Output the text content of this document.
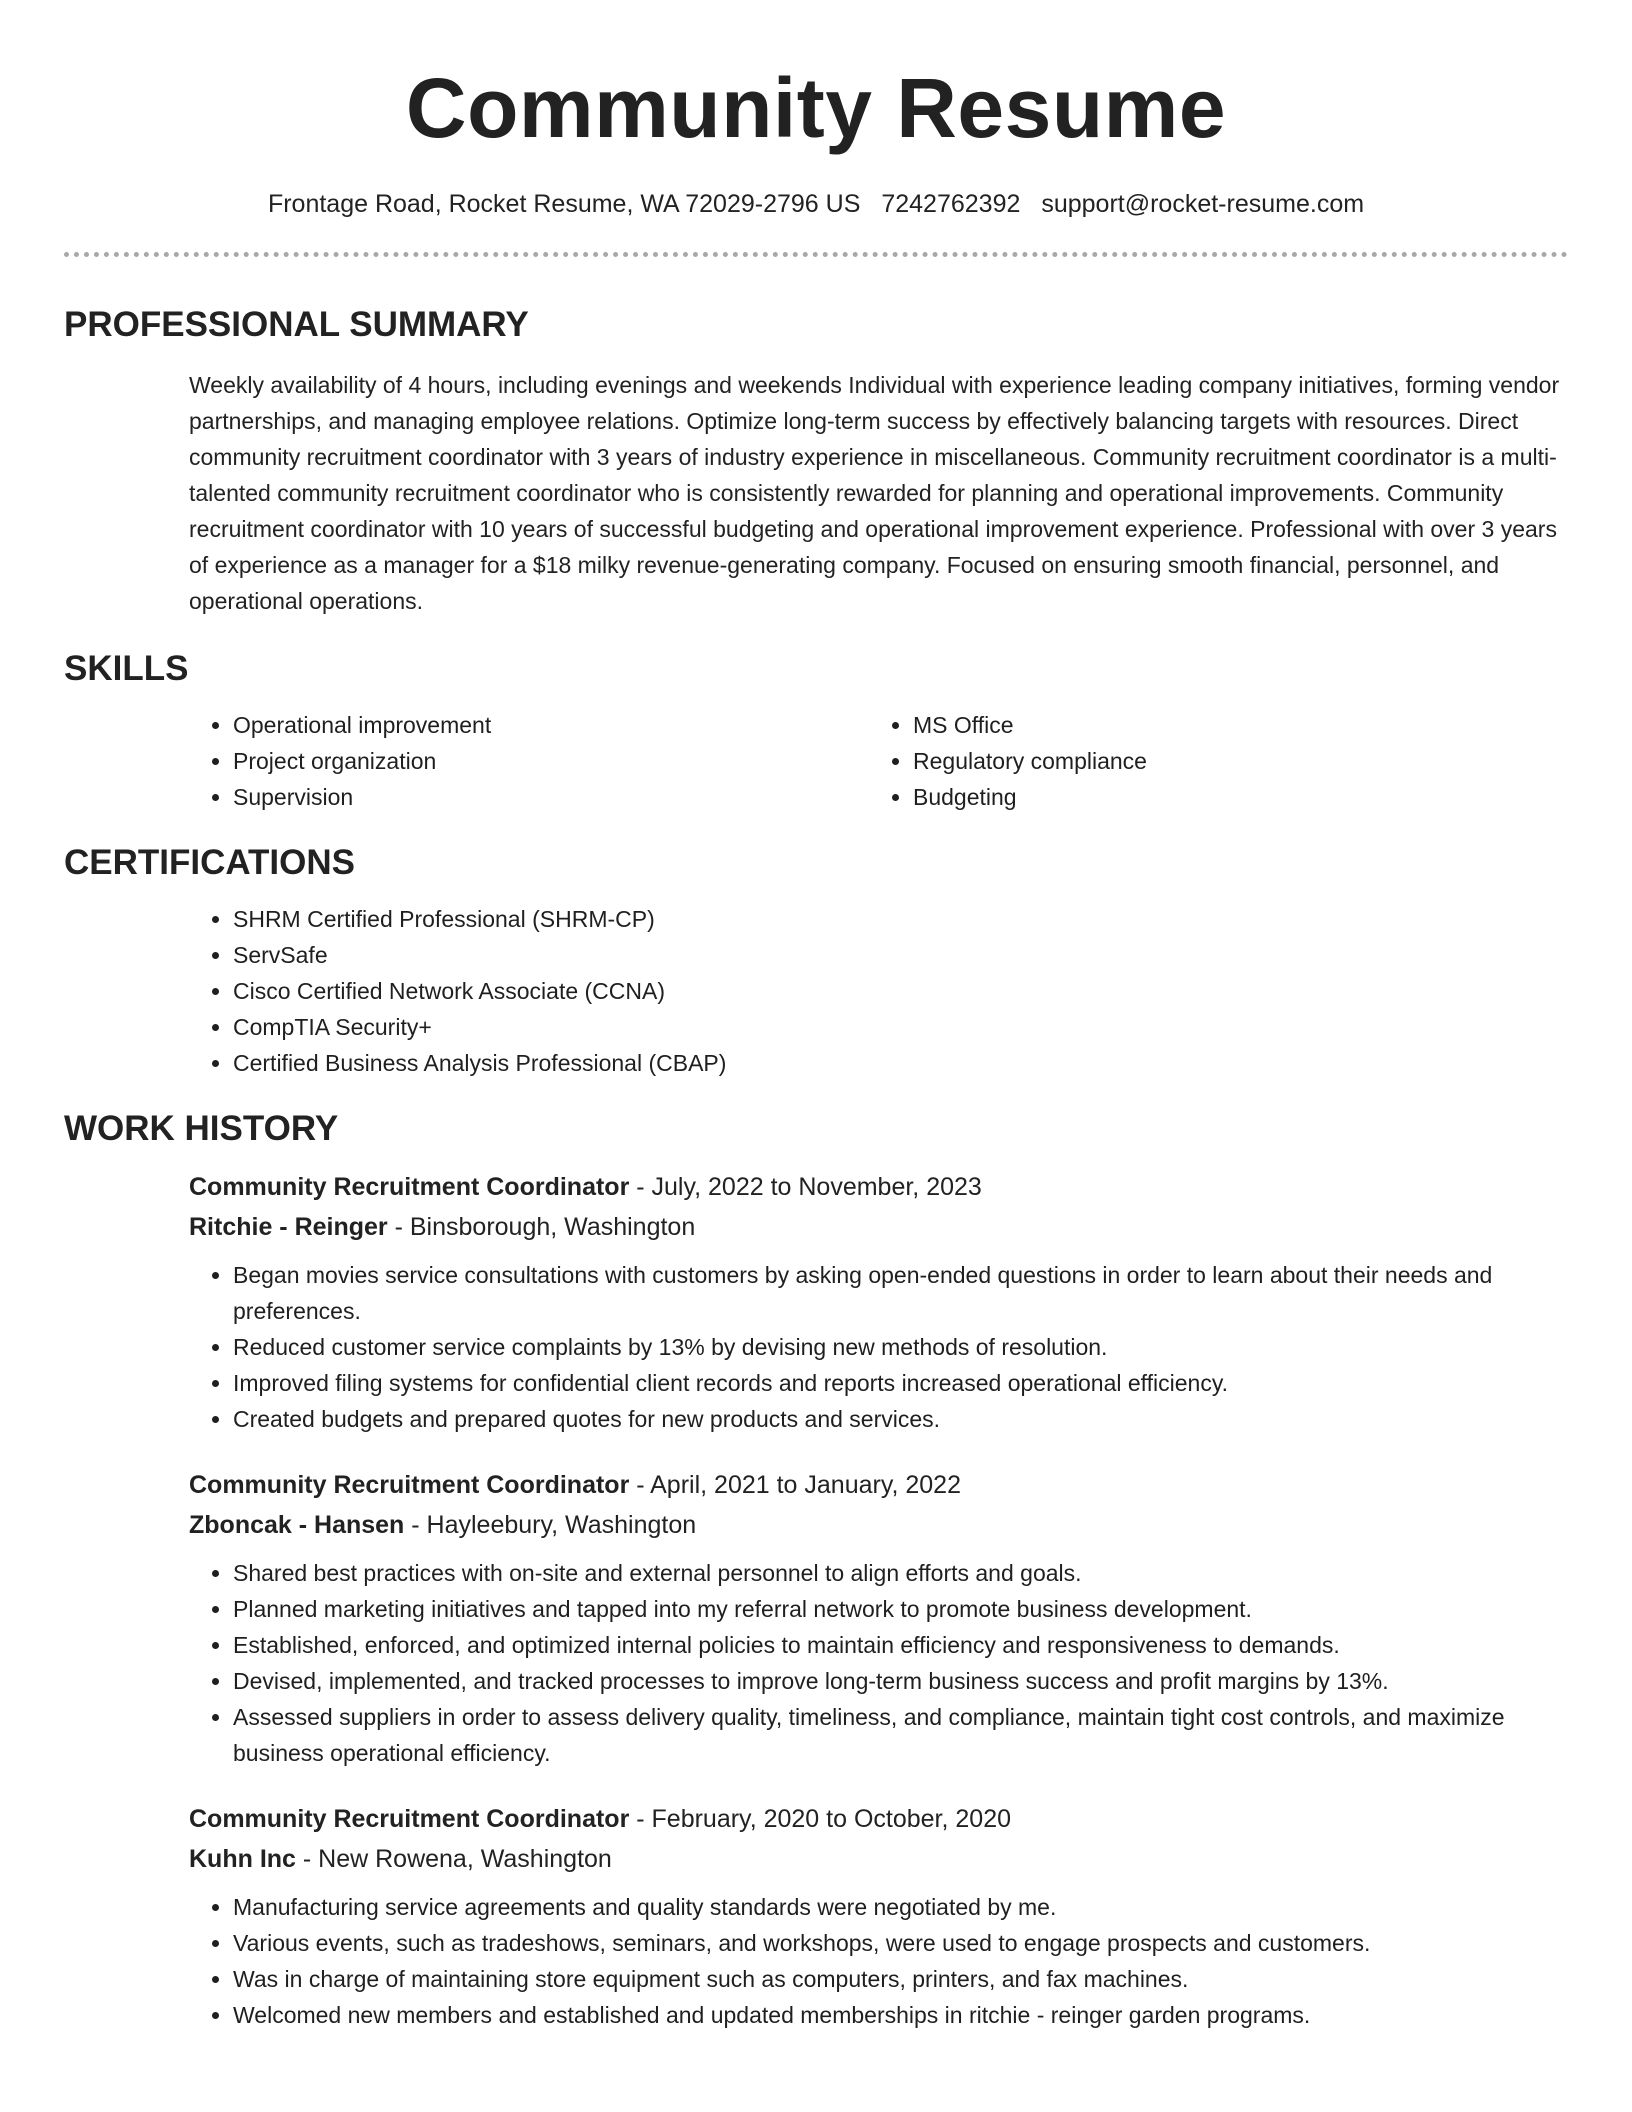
Community Resume
Frontage Road, Rocket Resume, WA 72029-2796 US 7242762392 support@rocket-resume.com
PROFESSIONAL SUMMARY
Weekly availability of 4 hours, including evenings and weekends Individual with experience leading company initiatives, forming vendor partnerships, and managing employee relations. Optimize long-term success by effectively balancing targets with resources. Direct community recruitment coordinator with 3 years of industry experience in miscellaneous. Community recruitment coordinator is a multi-talented community recruitment coordinator who is consistently rewarded for planning and operational improvements. Community recruitment coordinator with 10 years of successful budgeting and operational improvement experience. Professional with over 3 years of experience as a manager for a $18 milky revenue-generating company. Focused on ensuring smooth financial, personnel, and operational operations.
SKILLS
• Operational improvement
• Project organization
• Supervision
• MS Office
• Regulatory compliance
• Budgeting
CERTIFICATIONS
• SHRM Certified Professional (SHRM-CP)
• ServSafe
• Cisco Certified Network Associate (CCNA)
• CompTIA Security+
• Certified Business Analysis Professional (CBAP)
WORK HISTORY
Community Recruitment Coordinator - July, 2022 to November, 2023
Ritchie - Reinger - Binsborough, Washington
• Began movies service consultations with customers by asking open-ended questions in order to learn about their needs and preferences.
• Reduced customer service complaints by 13% by devising new methods of resolution.
• Improved filing systems for confidential client records and reports increased operational efficiency.
• Created budgets and prepared quotes for new products and services.
Community Recruitment Coordinator - April, 2021 to January, 2022
Zboncak - Hansen - Hayleebury, Washington
• Shared best practices with on-site and external personnel to align efforts and goals.
• Planned marketing initiatives and tapped into my referral network to promote business development.
• Established, enforced, and optimized internal policies to maintain efficiency and responsiveness to demands.
• Devised, implemented, and tracked processes to improve long-term business success and profit margins by 13%.
• Assessed suppliers in order to assess delivery quality, timeliness, and compliance, maintain tight cost controls, and maximize business operational efficiency.
Community Recruitment Coordinator - February, 2020 to October, 2020
Kuhn Inc - New Rowena, Washington
• Manufacturing service agreements and quality standards were negotiated by me.
• Various events, such as tradeshows, seminars, and workshops, were used to engage prospects and customers.
• Was in charge of maintaining store equipment such as computers, printers, and fax machines.
• Welcomed new members and established and updated memberships in ritchie - reinger garden programs.
